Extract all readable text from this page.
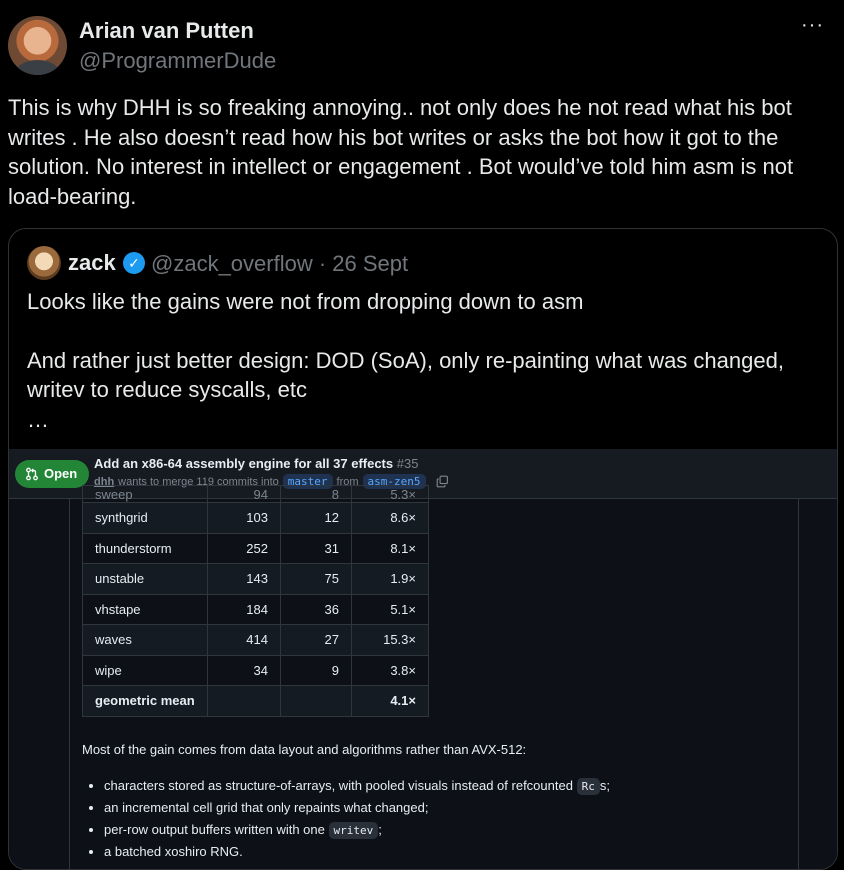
Arian van Putten
@ProgrammerDude
···
This is why DHH is so freaking annoying.. not only does he not read what his bot writes . He also doesn’t read how his bot writes or asks the bot how it got to the solution. No interest in intellect or engagement . Bot would’ve told him asm is not load-bearing.
zack ✓ @zack_overflow · 26 Sept

Looks like the gains were not from dropping down to asm

And rather just better design: DOD (SoA), only re-painting what was changed, writev to reduce syscalls, etc

…

Open
Add an x86-64 assembly engine for all 37 effects #35
dhh wants to merge 119 commits into master from asm-zen5
sweep	94	8	5.3×
synthgrid	103	12	8.6×
thunderstorm	252	31	8.1×
unstable	143	75	1.9×
vhstape	184	36	5.1×
waves	414	27	15.3×
wipe	34	9	3.8×
geometric mean			4.1×
Most of the gain comes from data layout and algorithms rather than AVX-512:
• characters stored as structure-of-arrays, with pooled visuals instead of refcounted Rc s;
• an incremental cell grid that only repaints what changed;
• per-row output buffers written with one writev ;
• a batched xoshiro RNG.
